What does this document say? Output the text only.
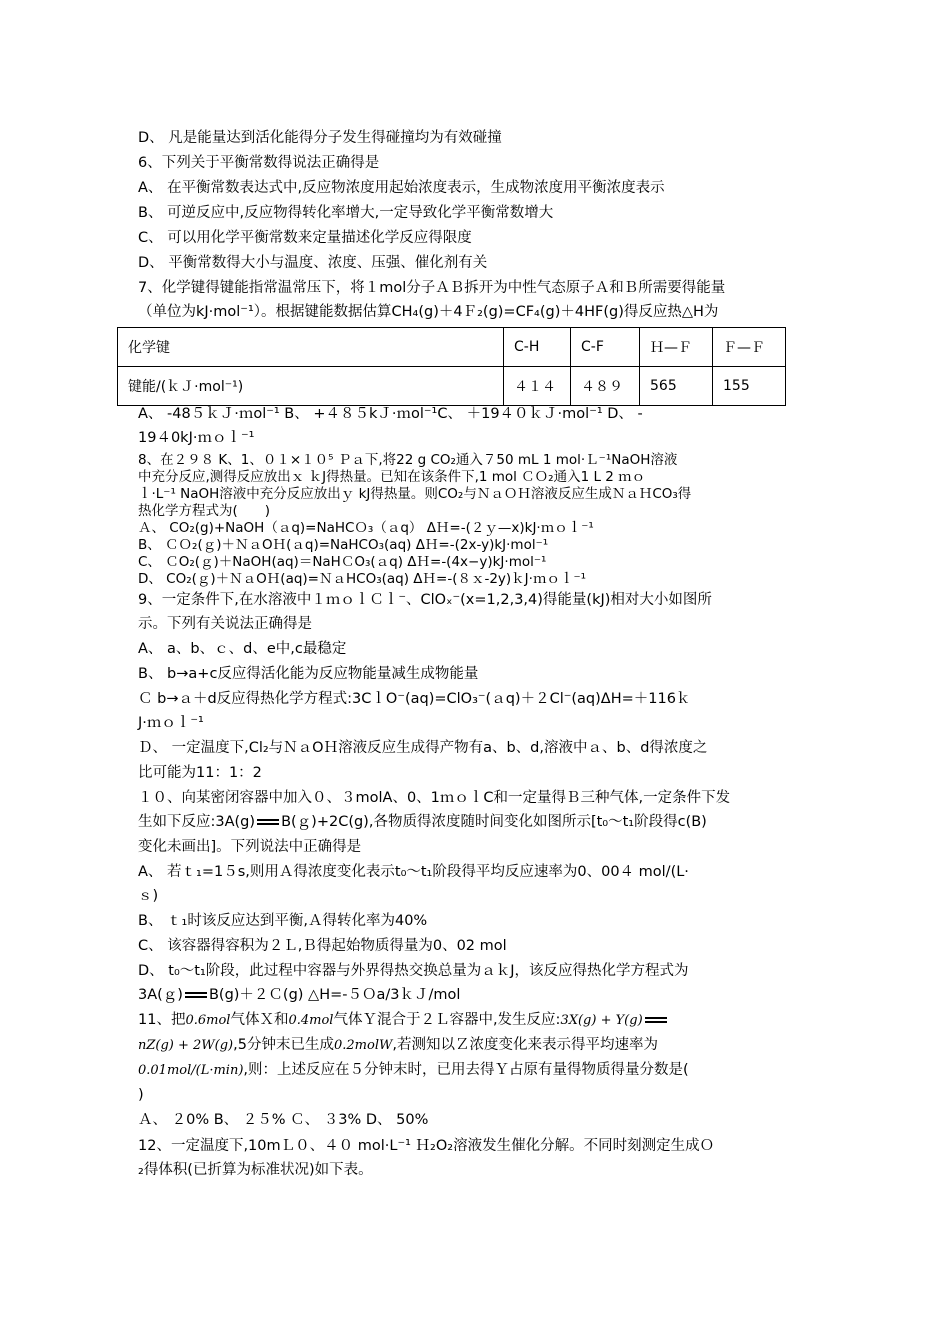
D、 凡是能量达到活化能得分子发生得碰撞均为有效碰撞
6、下列关于平衡常数得说法正确得是
A、 在平衡常数表达式中,反应物浓度用起始浓度表示，生成物浓度用平衡浓度表示
B、 可逆反应中,反应物得转化率增大,一定导致化学平衡常数增大
C、 可以用化学平衡常数来定量描述化学反应得限度
D、 平衡常数得大小与温度、浓度、压强、催化剂有关
7、化学键得键能指常温常压下，将１mol分子ＡＢ拆开为中性气态原子Ａ和Ｂ所需要得能量
（单位为kJ·mol⁻¹）。根据键能数据估算CH₄(g)＋4Ｆ₂(g)=CF₄(g)＋4HF(g)得反应热△H为
化学键	C-H	C-F	Ｈ—Ｆ	Ｆ—Ｆ
键能/(ｋＪ·mol⁻¹)	４１４	４８９	565	155
A、 -48５ｋＪ·ｍol⁻¹ B、 +４８５kＪ·ｍol⁻¹C、 ＋19４０ｋＪ·mol⁻¹ D、 -
19４0kJ·ｍｏｌ⁻¹
8、在２９８ K、1、０１×１０⁵ Ｐａ下,将22 g CO₂通入７50 mL 1 mol·Ｌ⁻¹NaOH溶液
中充分反应,测得反应放出ｘ ｋJ得热量。已知在该条件下,1 mol ＣＯ₂通入1 L 2 ｍｏ
ｌ·L⁻¹ NaOH溶液中充分反应放出ｙ kJ得热量。则CO₂与ＮａＯＨ溶液反应生成ＮａＨCO₃得
热化学方程式为(　　)
Ａ、 CO₂(g)+NaOH（ａq)=NaHCＯ₃（ａq） ΔＨ=-(２ｙ—x)kJ·ｍｏｌ⁻¹
B、 ＣＯ₂(ｇ)＋ＮａOＨ(ａq)=NaHCO₃(aq) ΔＨ=-(2x-y)kJ·mol⁻¹
C、 ＣO₂(ｇ)＋NaOH(aq)＝NaHＣO₃(ａq) ΔＨ=-(4x−y)kJ·mol⁻¹
D、 CO₂(ｇ)＋ＮａOＨ(aq)=ＮａHCO₃(aq) ΔＨ=-(８ｘ-2y)ｋJ·ｍｏｌ⁻¹
9、一定条件下,在水溶液中１ｍｏｌＣｌ⁻、ClOₓ⁻(x=1,2,3,4)得能量(kJ)相对大小如图所
示。下列有关说法正确得是
A、 a、b、ｃ、d、e中,c最稳定
B、 b→a+c反应得活化能为反应物能量减生成物能量
Ｃ b→ａ＋d反应得热化学方程式:3CｌO⁻(aq)=ClO₃⁻(ａq)＋２Cl⁻(aq)ΔH=＋116ｋ
J·ｍｏｌ⁻¹
Ｄ、 一定温度下,Cl₂与ＮａOＨ溶液反应生成得产物有a、b、d,溶液中ａ、b、d得浓度之
比可能为11：1：2
１０、向某密闭容器中加入０、３molA、0、1ｍｏｌC和一定量得Ｂ三种气体,一定条件下发
生如下反应:3A(g) B(ｇ)+2C(g),各物质得浓度随时间变化如图所示[t₀～t₁阶段得c(B)
变化未画出]。下列说法中正确得是
A、 若ｔ₁=1５s,则用Ａ得浓度变化表示t₀～t₁阶段得平均反应速率为0、00４ mol/(L·
ｓ)
B、 ｔ₁时该反应达到平衡,Ａ得转化率为40%
C、 该容器得容积为２Ｌ,Ｂ得起始物质得量为0、02 mol
D、 t₀～t₁阶段，此过程中容器与外界得热交换总量为ａｋJ，该反应得热化学方程式为
3A(ｇ) B(g)＋２Ｃ(g) △H=-５Ｏa/3ｋＪ/mol
11、把0.6mol气体Ｘ和0.4mol气体Ｙ混合于２Ｌ容器中,发生反应:3X(g) + Y(g)
nZ(g) + 2W(g),5分钟末已生成0.2molW,若测知以Ｚ浓度变化来表示得平均速率为
0.01mol/(L·min),则：上述反应在５分钟末时，已用去得Ｙ占原有量得物质得量分数是(
)
Ａ、 ２0% B、 ２５% Ｃ、 ３3% D、 50%
12、一定温度下,10mＬ０、４０ mol·L⁻¹ Ｈ₂O₂溶液发生催化分解。不同时刻测定生成Ｏ
₂得体积(已折算为标准状况)如下表。
